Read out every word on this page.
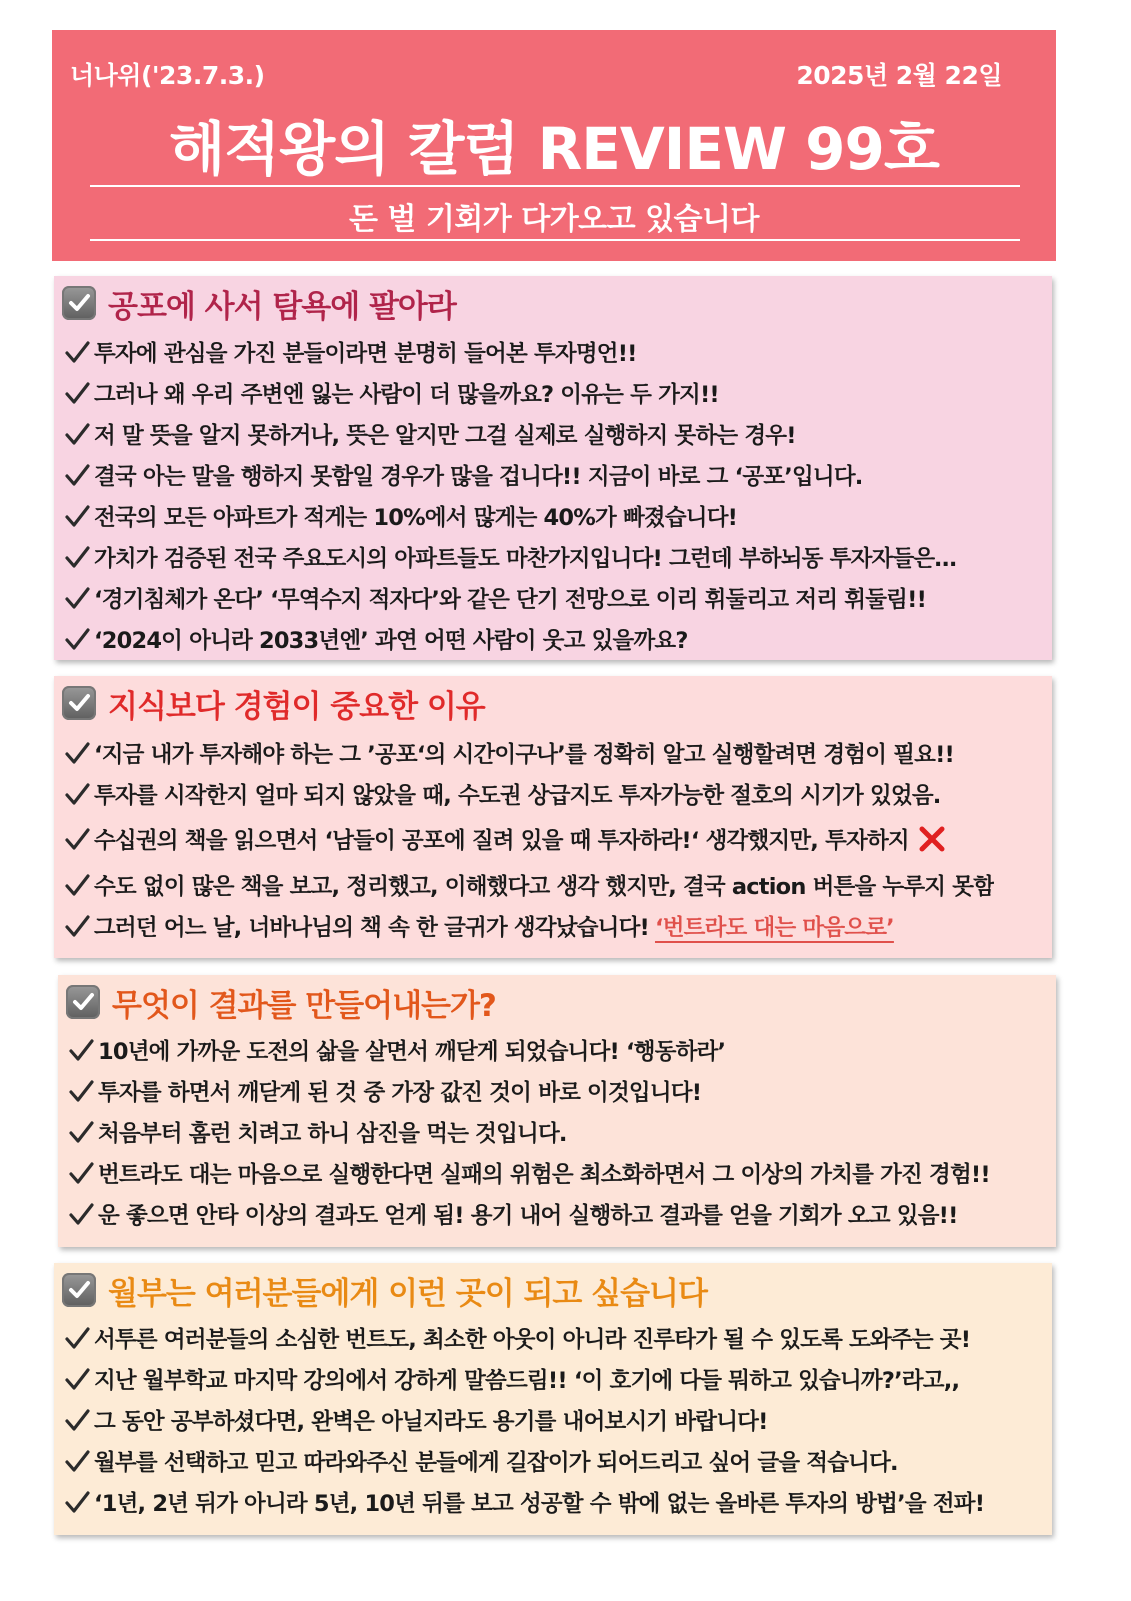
너나위('23.7.3.)	2025년 2월 22일
해적왕의 칼럼 REVIEW 99호
돈 벌 기회가 다가오고 있습니다
공포에 사서 탐욕에 팔아라
투자에 관심을 가진 분들이라면 분명히 들어본 투자명언!!
그러나 왜 우리 주변엔 잃는 사람이 더 많을까요? 이유는 두 가지!!
저 말 뜻을 알지 못하거나, 뜻은 알지만 그걸 실제로 실행하지 못하는 경우!
결국 아는 말을 행하지 못함일 경우가 많을 겁니다!! 지금이 바로 그 ‘공포’입니다.
전국의 모든 아파트가 적게는 10%에서 많게는 40%가 빠졌습니다!
가치가 검증된 전국 주요도시의 아파트들도 마찬가지입니다! 그런데 부하뇌동 투자자들은…
‘경기침체가 온다’ ‘무역수지 적자다’와 같은 단기 전망으로 이리 휘둘리고 저리 휘둘림!!
‘2024이 아니라 2033년엔’ 과연 어떤 사람이 웃고 있을까요?
지식보다 경험이 중요한 이유
‘지금 내가 투자해야 하는 그 ’공포‘의 시간이구나’를 정확히 알고 실행할려면 경험이 필요!!
투자를 시작한지 얼마 되지 않았을 때, 수도권 상급지도 투자가능한 절호의 시기가 있었음.
수십권의 책을 읽으면서 ‘남들이 공포에 질려 있을 때 투자하라!‘ 생각했지만, 투자하지
수도 없이 많은 책을 보고, 정리했고, 이해했다고 생각 했지만, 결국 action 버튼을 누루지 못함
그러던 어느 날, 너바나님의 책 속 한 글귀가 생각났습니다! ‘번트라도 대는 마음으로’
무엇이 결과를 만들어내는가?
10년에 가까운 도전의 삶을 살면서 깨닫게 되었습니다! ‘행동하라’
투자를 하면서 깨닫게 된 것 중 가장 값진 것이 바로 이것입니다!
처음부터 홈런 치려고 하니 삼진을 먹는 것입니다.
번트라도 대는 마음으로 실행한다면 실패의 위험은 최소화하면서 그 이상의 가치를 가진 경험!!
운 좋으면 안타 이상의 결과도 얻게 됨! 용기 내어 실행하고 결과를 얻을 기회가 오고 있음!!
월부는 여러분들에게 이런 곳이 되고 싶습니다
서투른 여러분들의 소심한 번트도, 최소한 아웃이 아니라 진루타가 될 수 있도록 도와주는 곳!
지난 월부학교 마지막 강의에서 강하게 말씀드림!! ‘이 호기에 다들 뭐하고 있습니까?’라고,,
그 동안 공부하셨다면, 완벽은 아닐지라도 용기를 내어보시기 바랍니다!
월부를 선택하고 믿고 따라와주신 분들에게 길잡이가 되어드리고 싶어 글을 적습니다.
‘1년, 2년 뒤가 아니라 5년, 10년 뒤를 보고 성공할 수 밖에 없는 올바른 투자의 방법’을 전파!
